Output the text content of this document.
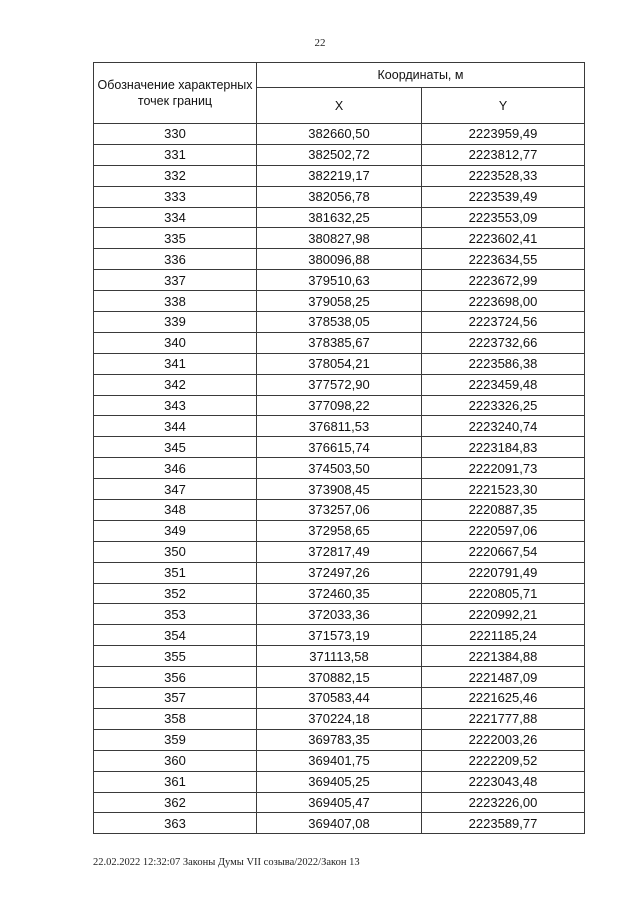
22
Обозначение характерных точек границ	Координаты, м	
	X	Y
330	382660,50	2223959,49
331	382502,72	2223812,77
332	382219,17	2223528,33
333	382056,78	2223539,49
334	381632,25	2223553,09
335	380827,98	2223602,41
336	380096,88	2223634,55
337	379510,63	2223672,99
338	379058,25	2223698,00
339	378538,05	2223724,56
340	378385,67	2223732,66
341	378054,21	2223586,38
342	377572,90	2223459,48
343	377098,22	2223326,25
344	376811,53	2223240,74
345	376615,74	2223184,83
346	374503,50	2222091,73
347	373908,45	2221523,30
348	373257,06	2220887,35
349	372958,65	2220597,06
350	372817,49	2220667,54
351	372497,26	2220791,49
352	372460,35	2220805,71
353	372033,36	2220992,21
354	371573,19	2221185,24
355	371113,58	2221384,88
356	370882,15	2221487,09
357	370583,44	2221625,46
358	370224,18	2221777,88
359	369783,35	2222003,26
360	369401,75	2222209,52
361	369405,25	2223043,48
362	369405,47	2223226,00
363	369407,08	2223589,77
22.02.2022 12:32:07 Законы Думы VII созыва/2022/Закон 13
